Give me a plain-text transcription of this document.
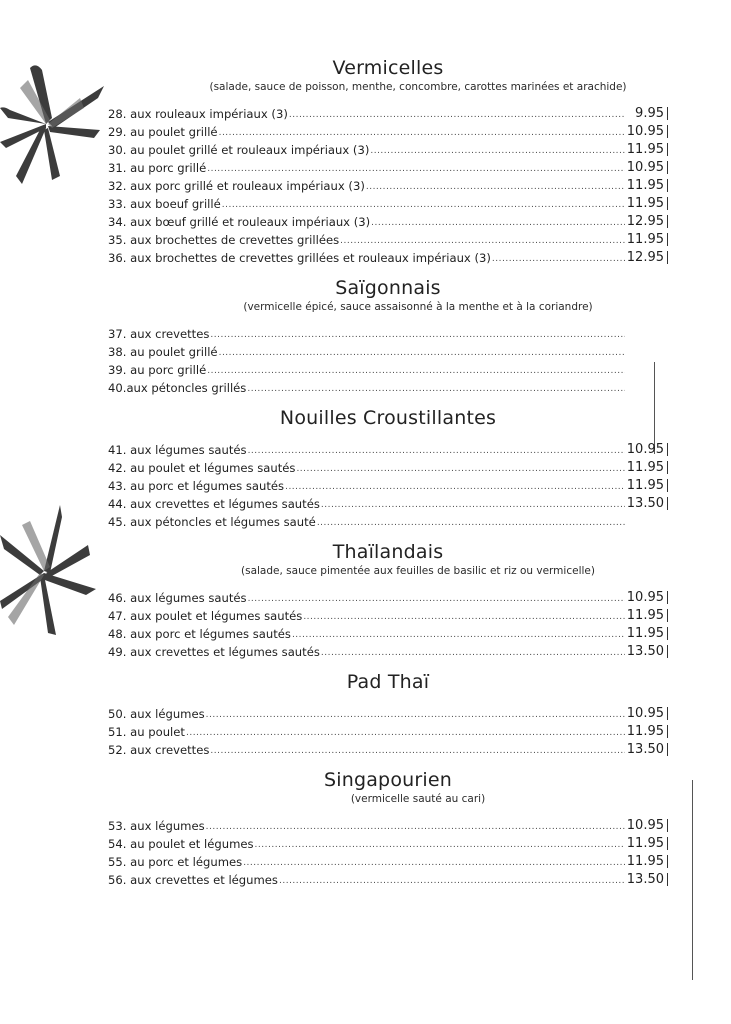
Vermicelles
(salade, sauce de poisson, menthe, concombre, carottes marinées et arachide)
28. aux rouleaux impériaux (3) .....	9.95
29. au poulet grillé .....	10.95
30. au poulet grillé et rouleaux impériaux (3) .....	11.95
31. au porc grillé .....	10.95
32. aux porc grillé et rouleaux impériaux (3) .....	11.95
33. aux boeuf grillé .....	11.95
34. aux bœuf grillé et rouleaux impériaux (3) .....	12.95
35. aux brochettes de crevettes grillées .....	11.95
36. aux brochettes de crevettes grillées et rouleaux impériaux (3) .....	12.95
Saïgonnais
(vermicelle épicé, sauce assaisonné à la menthe et à la coriandre)
37. aux crevettes
.....
38. au poulet grillé
.....
39. au porc grillé
.....
40.aux pétoncles grillés
.....
Nouilles Croustillantes
41. aux légumes sautés .....	10.95
42. au poulet et légumes sautés .....	11.95
43. au porc et légumes sautés .....	11.95
44. aux crevettes et légumes sautés .....	13.50
45. aux pétoncles et légumes sauté
.....
Thaïlandais
(salade, sauce pimentée aux feuilles de basilic et riz ou vermicelle)
46. aux légumes sautés .....	10.95
47. aux poulet et légumes sautés .....	11.95
48. aux porc et légumes sautés .....	11.95
49. aux crevettes et légumes sautés .....	13.50
Pad Thaï
50. aux légumes .....	10.95
51. au poulet .....	11.95
52. aux crevettes .....	13.50
Singapourien
(vermicelle sauté au cari)
53. aux légumes .....	10.95
54. au poulet et légumes .....	11.95
55. au porc et légumes .....	11.95
56. aux crevettes et légumes .....	13.50
